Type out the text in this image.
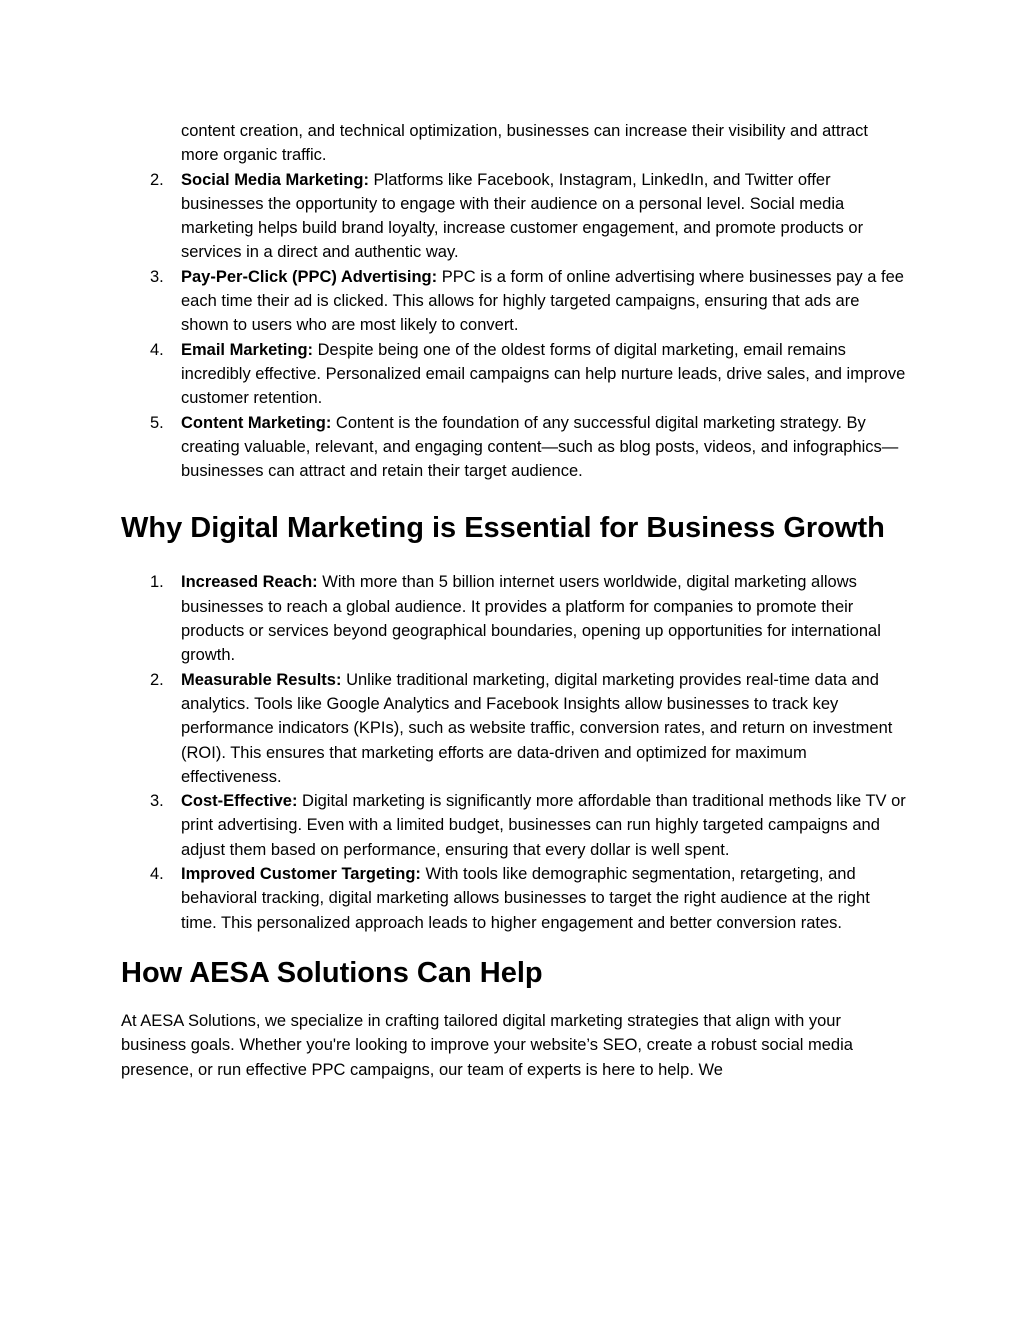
content creation, and technical optimization, businesses can increase their visibility and attract more organic traffic.
2.	Social Media Marketing: Platforms like Facebook, Instagram, LinkedIn, and Twitter offer businesses the opportunity to engage with their audience on a personal level. Social media marketing helps build brand loyalty, increase customer engagement, and promote products or services in a direct and authentic way.
3.	Pay-Per-Click (PPC) Advertising: PPC is a form of online advertising where businesses pay a fee each time their ad is clicked. This allows for highly targeted campaigns, ensuring that ads are shown to users who are most likely to convert.
4.	Email Marketing: Despite being one of the oldest forms of digital marketing, email remains incredibly effective. Personalized email campaigns can help nurture leads, drive sales, and improve customer retention.
5.	Content Marketing: Content is the foundation of any successful digital marketing strategy. By creating valuable, relevant, and engaging content—such as blog posts, videos, and infographics—businesses can attract and retain their target audience.
Why Digital Marketing is Essential for Business Growth
1.	Increased Reach: With more than 5 billion internet users worldwide, digital marketing allows businesses to reach a global audience. It provides a platform for companies to promote their products or services beyond geographical boundaries, opening up opportunities for international growth.
2.	Measurable Results: Unlike traditional marketing, digital marketing provides real-time data and analytics. Tools like Google Analytics and Facebook Insights allow businesses to track key performance indicators (KPIs), such as website traffic, conversion rates, and return on investment (ROI). This ensures that marketing efforts are data-driven and optimized for maximum effectiveness.
3.	Cost-Effective: Digital marketing is significantly more affordable than traditional methods like TV or print advertising. Even with a limited budget, businesses can run highly targeted campaigns and adjust them based on performance, ensuring that every dollar is well spent.
4.	Improved Customer Targeting: With tools like demographic segmentation, retargeting, and behavioral tracking, digital marketing allows businesses to target the right audience at the right time. This personalized approach leads to higher engagement and better conversion rates.
How AESA Solutions Can Help

At AESA Solutions, we specialize in crafting tailored digital marketing strategies that align with your business goals. Whether you're looking to improve your website’s SEO, create a robust social media presence, or run effective PPC campaigns, our team of experts is here to help. We
